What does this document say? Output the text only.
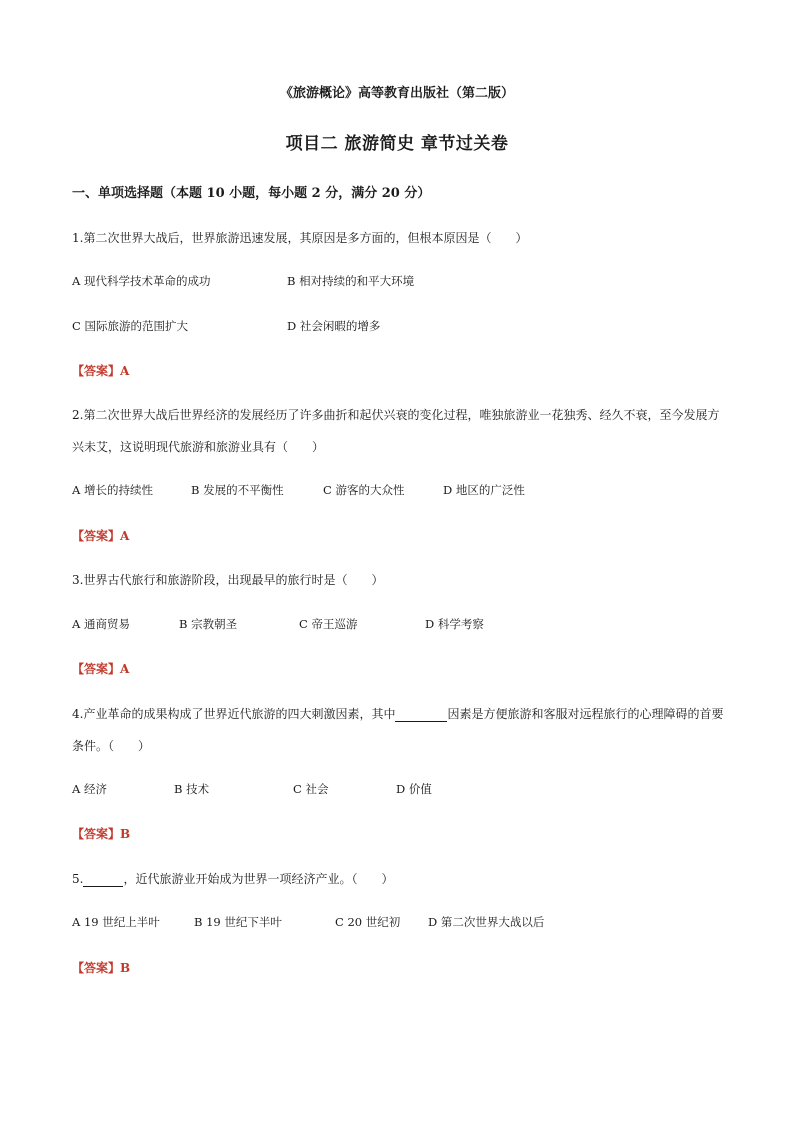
《旅游概论》高等教育出版社（第二版）
项目二 旅游简史 章节过关卷
一、单项选择题（本题 10 小题，每小题 2 分，满分 20 分）
1.第二次世界大战后，世界旅游迅速发展，其原因是多方面的，但根本原因是（　　）
A 现代科学技术革命的成功	B 相对持续的和平大环境
C 国际旅游的范围扩大	D 社会闲暇的增多
【答案】A
2.第二次世界大战后世界经济的发展经历了许多曲折和起伏兴衰的变化过程，唯独旅游业一花独秀、经久不衰，至今发展方
兴未艾，这说明现代旅游和旅游业具有（　　）
A 增长的持续性	B 发展的不平衡性	C 游客的大众性	D 地区的广泛性
【答案】A
3.世界古代旅行和旅游阶段，出现最早的旅行时是（　　）
A 通商贸易	B 宗教朝圣	C 帝王巡游	D 科学考察
【答案】A
4.产业革命的成果构成了世界近代旅游的四大刺激因素，其中	因素是方便旅游和客服对远程旅行的心理障碍的首要
条件。（　　）
A 经济	B 技术	C 社会	D 价值
【答案】B
5.	，近代旅游业开始成为世界一项经济产业。（　　）
A 19 世纪上半叶	B 19 世纪下半叶	C 20 世纪初 D 第二次世界大战以后
【答案】B
